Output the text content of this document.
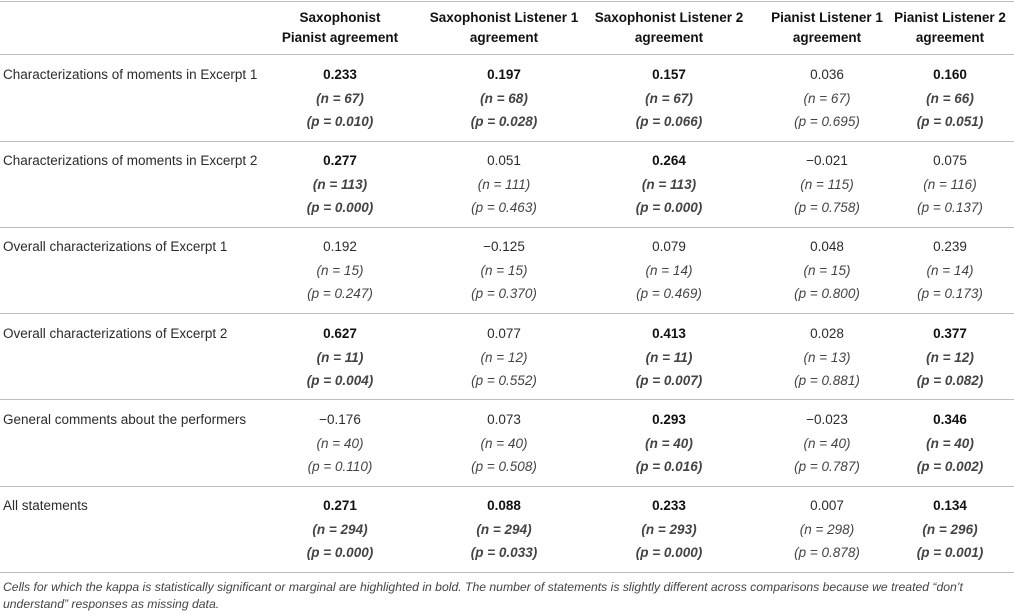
Saxophonist Pianist agreement
Saxophonist Listener 1 agreement
Saxophonist Listener 2 agreement
Pianist Listener 1 agreement
Pianist Listener 2 agreement
Characterizations of moments in Excerpt 1
Characterizations of moments in Excerpt 2
Overall characterizations of Excerpt 1
Overall characterizations of Excerpt 2
General comments about the performers
All statements
0.233
(n = 67)
(p = 0.010)
0.197
(n = 68)
(p = 0.028)
0.157
(n = 67)
(p = 0.066)
0.036
(n = 67)
(p = 0.695)
0.160
(n = 66)
(p = 0.051)
0.277
(n = 113)
(p = 0.000)
0.051
(n = 111)
(p = 0.463)
0.264
(n = 113)
(p = 0.000)
−0.021
(n = 115)
(p = 0.758)
0.075
(n = 116)
(p = 0.137)
0.192
(n = 15)
(p = 0.247)
−0.125
(n = 15)
(p = 0.370)
0.079
(n = 14)
(p = 0.469)
0.048
(n = 15)
(p = 0.800)
0.239
(n = 14)
(p = 0.173)
0.627
(n = 11)
(p = 0.004)
0.077
(n = 12)
(p = 0.552)
0.413
(n = 11)
(p = 0.007)
0.028
(n = 13)
(p = 0.881)
0.377
(n = 12)
(p = 0.082)
−0.176
(n = 40)
(p = 0.110)
0.073
(n = 40)
(p = 0.508)
0.293
(n = 40)
(p = 0.016)
−0.023
(n = 40)
(p = 0.787)
0.346
(n = 40)
(p = 0.002)
0.271
(n = 294)
(p = 0.000)
0.088
(n = 294)
(p = 0.033)
0.233
(n = 293)
(p = 0.000)
0.007
(n = 298)
(p = 0.878)
0.134
(n = 296)
(p = 0.001)
Cells for which the kappa is statistically significant or marginal are highlighted in bold. The number of statements is slightly different across comparisons because we treated “don’t understand” responses as missing data.
